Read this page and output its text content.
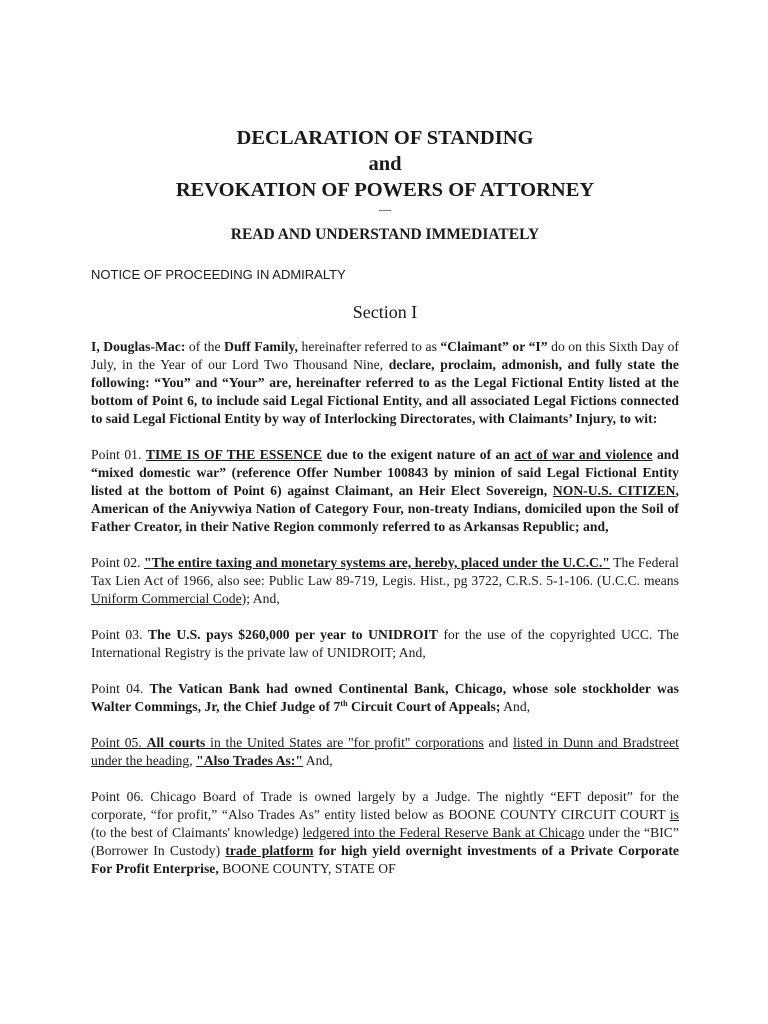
DECLARATION OF STANDING
and
REVOKATION OF POWERS OF ATTORNEY
—
READ AND UNDERSTAND IMMEDIATELY
NOTICE OF PROCEEDING IN ADMIRALTY
Section I

I, Douglas-Mac: of the Duff Family, hereinafter referred to as “Claimant” or “I” do on this Sixth Day of July, in the Year of our Lord Two Thousand Nine, declare, proclaim, admonish, and fully state the following: “You” and “Your” are, hereinafter referred to as the Legal Fictional Entity listed at the bottom of Point 6, to include said Legal Fictional Entity, and all associated Legal Fictions connected to said Legal Fictional Entity by way of Interlocking Directorates, with Claimants’ Injury, to wit:

Point 01. TIME IS OF THE ESSENCE due to the exigent nature of an act of war and violence and “mixed domestic war” (reference Offer Number 100843 by minion of said Legal Fictional Entity listed at the bottom of Point 6) against Claimant, an Heir Elect Sovereign, NON-U.S. CITIZEN, American of the Aniyvwiya Nation of Category Four, non-treaty Indians, domiciled upon the Soil of Father Creator, in their Native Region commonly referred to as Arkansas Republic; and,

Point 02. "The entire taxing and monetary systems are, hereby, placed under the U.C.C." The Federal Tax Lien Act of 1966, also see: Public Law 89-719, Legis. Hist., pg 3722, C.R.S. 5-1-106. (U.C.C. means Uniform Commercial Code); And,

Point 03. The U.S. pays $260,000 per year to UNIDROIT for the use of the copyrighted UCC. The International Registry is the private law of UNIDROIT; And,

Point 04. The Vatican Bank had owned Continental Bank, Chicago, whose sole stockholder was Walter Commings, Jr, the Chief Judge of 7th Circuit Court of Appeals; And,

Point 05. All courts in the United States are "for profit" corporations and listed in Dunn and Bradstreet under the heading, "Also Trades As:" And,

Point 06. Chicago Board of Trade is owned largely by a Judge. The nightly “EFT deposit” for the corporate, “for profit,” “Also Trades As” entity listed below as BOONE COUNTY CIRCUIT COURT is (to the best of Claimants' knowledge) ledgered into the Federal Reserve Bank at Chicago under the “BIC” (Borrower In Custody) trade platform for high yield overnight investments of a Private Corporate For Profit Enterprise, BOONE COUNTY, STATE OF
